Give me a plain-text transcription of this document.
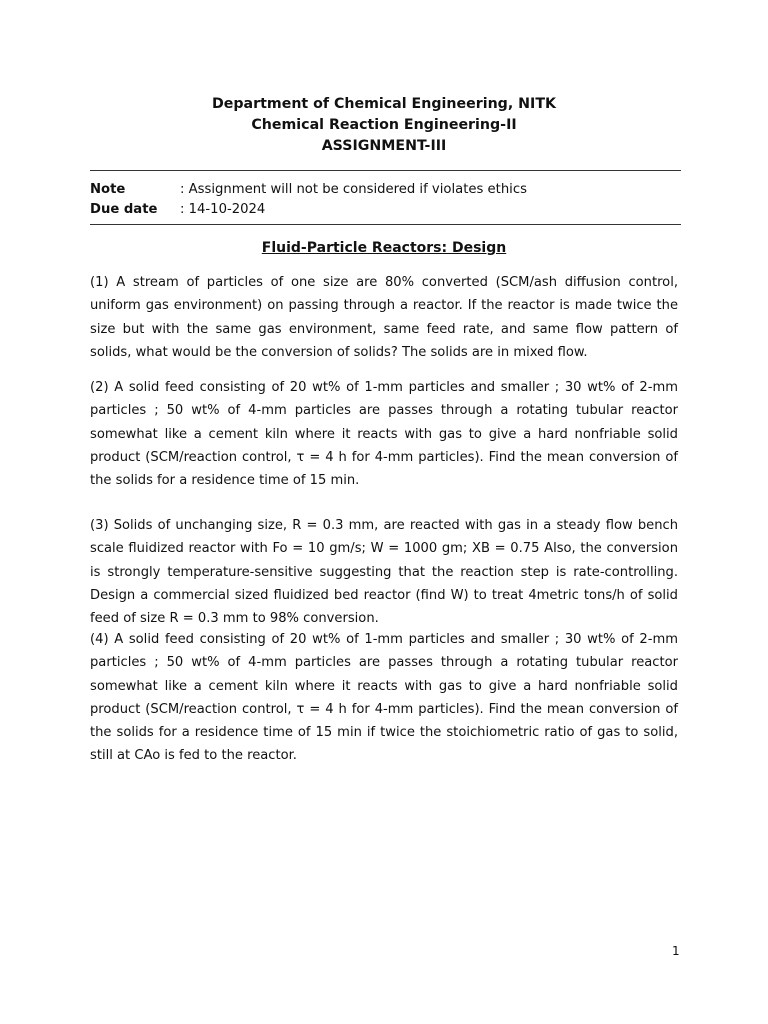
Department of Chemical Engineering, NITK
Chemical Reaction Engineering-II
ASSIGNMENT-III
Note	: Assignment will not be considered if violates ethics
Due date	: 14-10-2024
Fluid-Particle Reactors: Design

(1) A stream of particles of one size are 80% converted (SCM/ash diffusion control, uniform gas environment) on passing through a reactor. If the reactor is made twice the size but with the same gas environment, same feed rate, and same flow pattern of solids, what would be the conversion of solids? The solids are in mixed flow.

(2) A solid feed consisting of 20 wt% of 1-mm particles and smaller ; 30 wt% of 2-mm particles ; 50 wt% of 4-mm particles are passes through a rotating tubular reactor somewhat like a cement kiln where it reacts with gas to give a hard nonfriable solid product (SCM/reaction control, τ = 4 h for 4-mm particles). Find the mean conversion of the solids for a residence time of 15 min.

(3) Solids of unchanging size, R = 0.3 mm, are reacted with gas in a steady flow bench scale fluidized reactor with Fo = 10 gm/s; W = 1000 gm; XB = 0.75 Also, the conversion is strongly temperature-sensitive suggesting that the reaction step is rate-controlling. Design a commercial sized fluidized bed reactor (find W) to treat 4metric tons/h of solid feed of size R = 0.3 mm to 98% conversion.

(4) A solid feed consisting of 20 wt% of 1-mm particles and smaller ; 30 wt% of 2-mm particles ; 50 wt% of 4-mm particles are passes through a rotating tubular reactor somewhat like a cement kiln where it reacts with gas to give a hard nonfriable solid product (SCM/reaction control, τ = 4 h for 4-mm particles). Find the mean conversion of the solids for a residence time of 15 min if twice the stoichiometric ratio of gas to solid, still at CAo is fed to the reactor.

1
